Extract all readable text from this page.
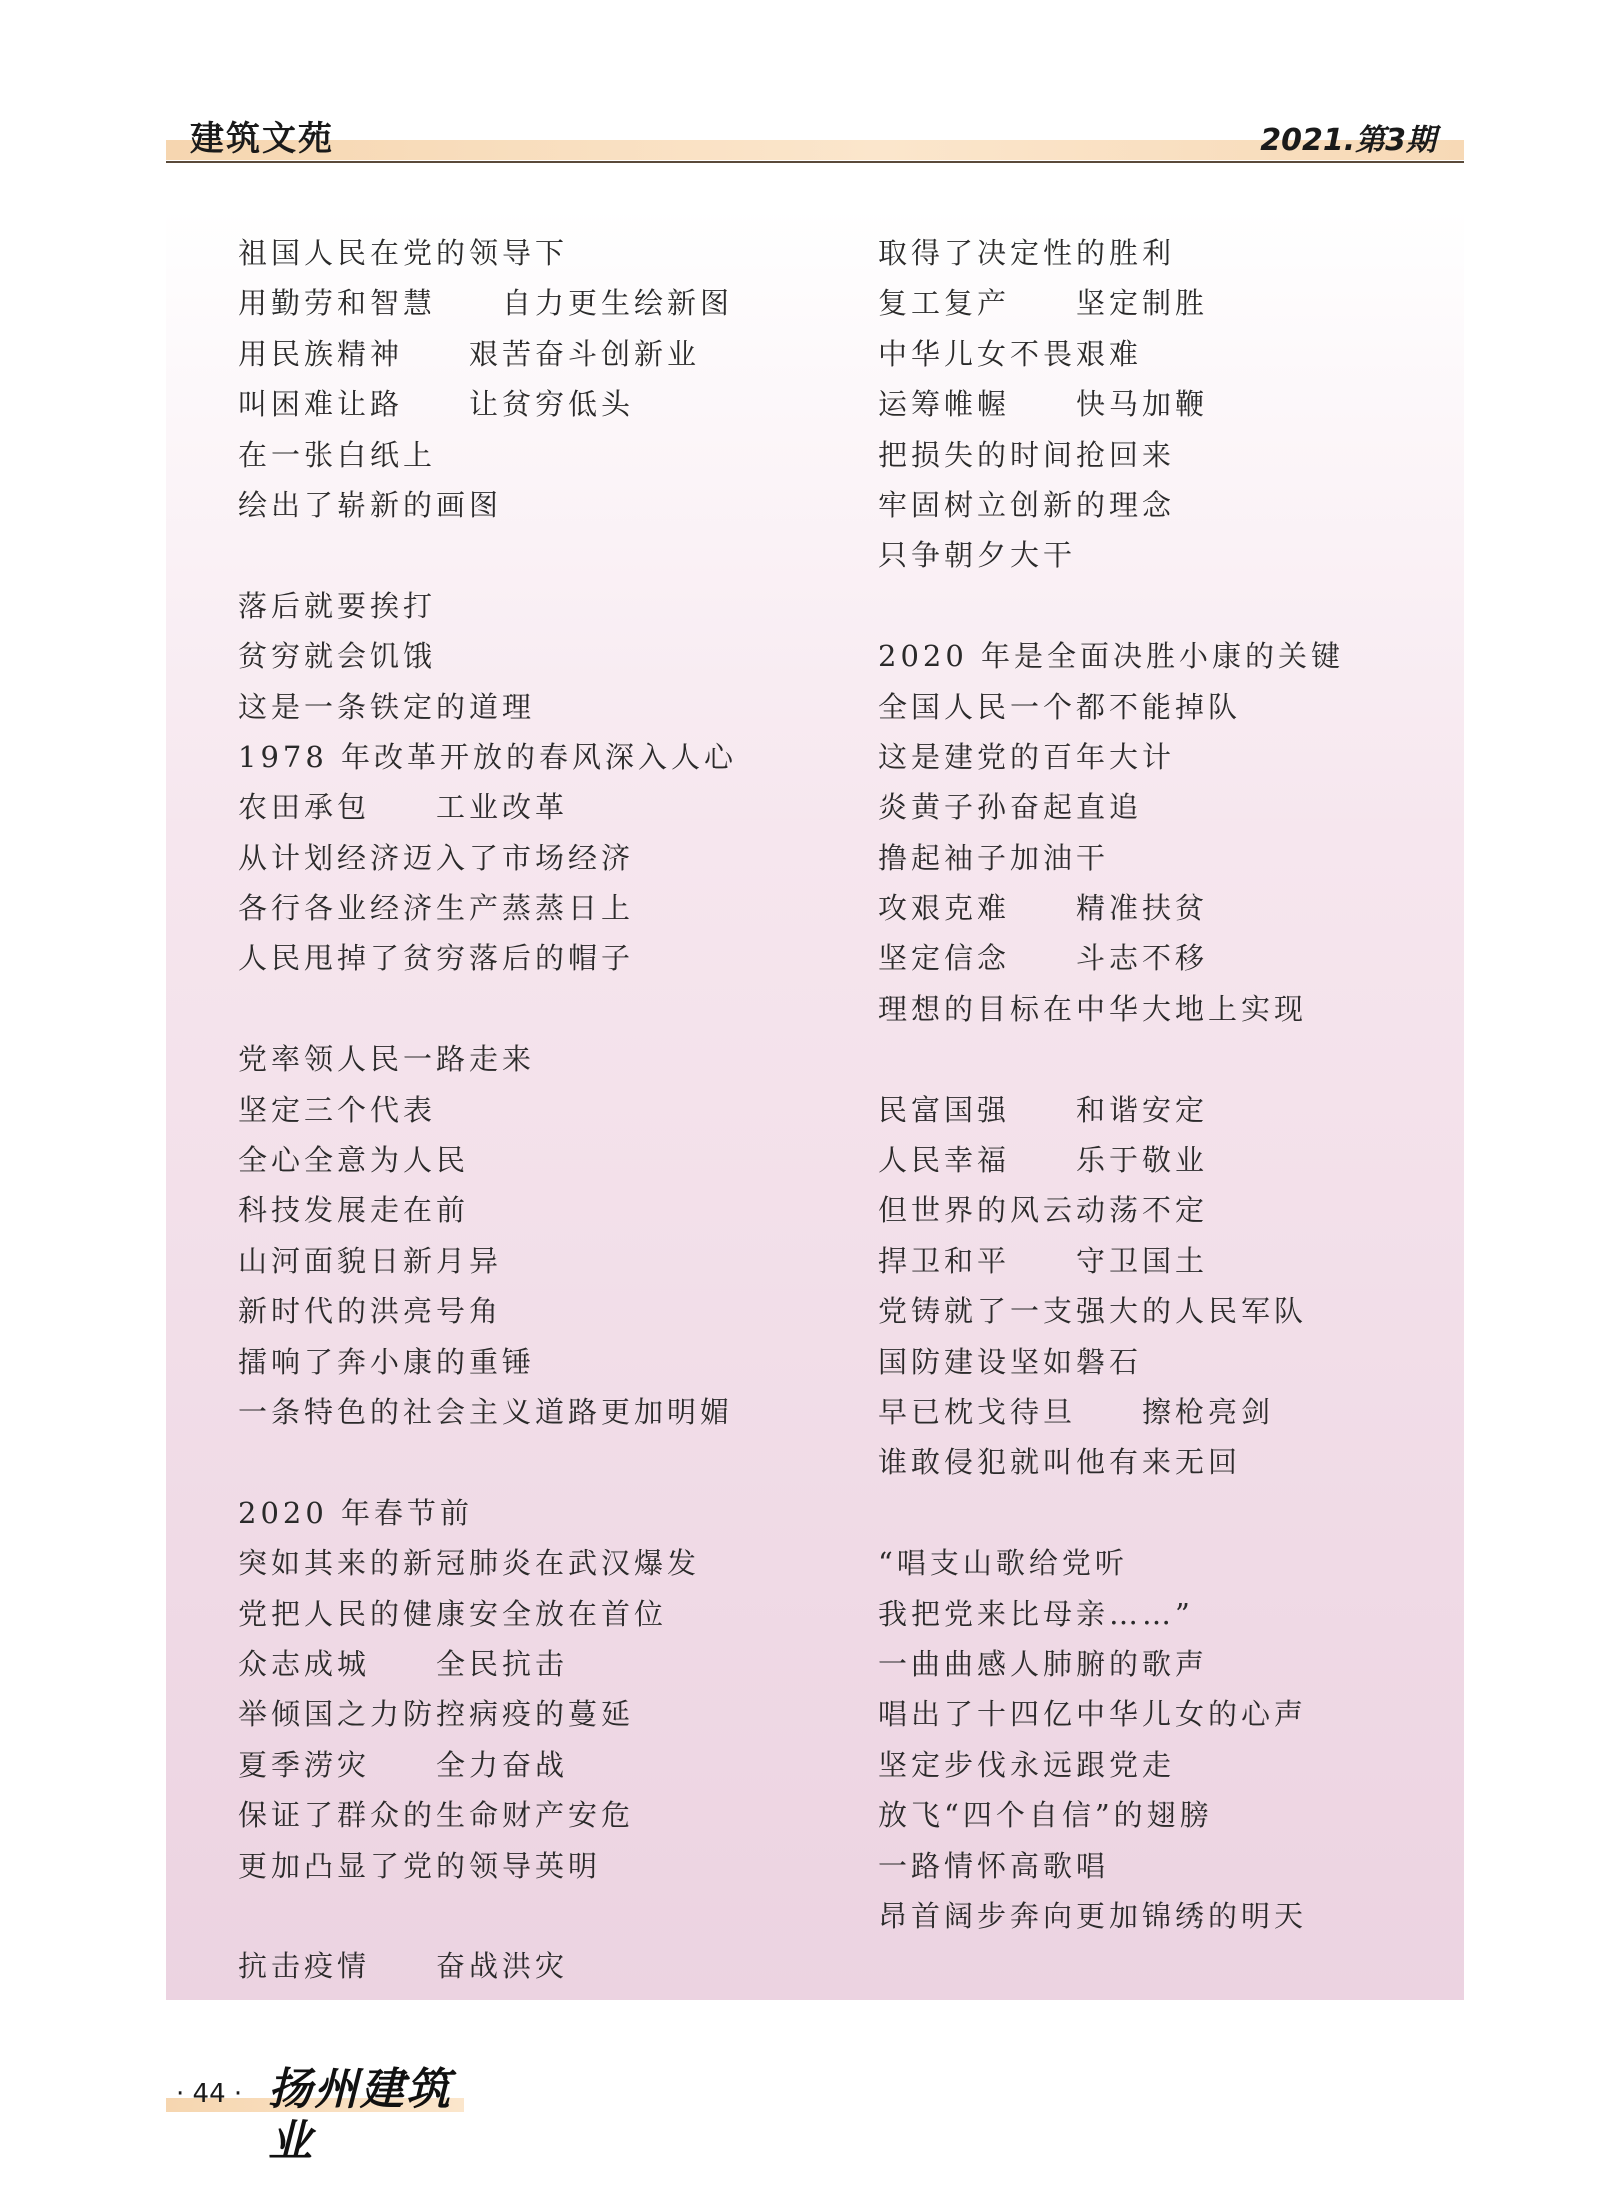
建筑文苑	2021.第3期
祖国人民在党的领导下
用勤劳和智慧　　自力更生绘新图
用民族精神　　艰苦奋斗创新业
叫困难让路　　让贫穷低头
在一张白纸上
绘出了崭新的画图
落后就要挨打
贫穷就会饥饿
这是一条铁定的道理
1978 年改革开放的春风深入人心
农田承包　　工业改革
从计划经济迈入了市场经济
各行各业经济生产蒸蒸日上
人民甩掉了贫穷落后的帽子
党率领人民一路走来
坚定三个代表
全心全意为人民
科技发展走在前
山河面貌日新月异
新时代的洪亮号角
擂响了奔小康的重锤
一条特色的社会主义道路更加明媚
2020 年春节前
突如其来的新冠肺炎在武汉爆发
党把人民的健康安全放在首位
众志成城　　全民抗击
举倾国之力防控病疫的蔓延
夏季涝灾　　全力奋战
保证了群众的生命财产安危
更加凸显了党的领导英明
抗击疫情　　奋战洪灾
取得了决定性的胜利
复工复产　　坚定制胜
中华儿女不畏艰难
运筹帷幄　　快马加鞭
把损失的时间抢回来
牢固树立创新的理念
只争朝夕大干
2020 年是全面决胜小康的关键
全国人民一个都不能掉队
这是建党的百年大计
炎黄子孙奋起直追
撸起袖子加油干
攻艰克难　　精准扶贫
坚定信念　　斗志不移
理想的目标在中华大地上实现
民富国强　　和谐安定
人民幸福　　乐于敬业
但世界的风云动荡不定
捍卫和平　　守卫国土
党铸就了一支强大的人民军队
国防建设坚如磐石
早已枕戈待旦　　擦枪亮剑
谁敢侵犯就叫他有来无回
“唱支山歌给党听
我把党来比母亲……”
一曲曲感人肺腑的歌声
唱出了十四亿中华儿女的心声
坚定步伐永远跟党走
放飞“四个自信”的翅膀
一路情怀高歌唱
昂首阔步奔向更加锦绣的明天
· 44 · 扬州建筑业
